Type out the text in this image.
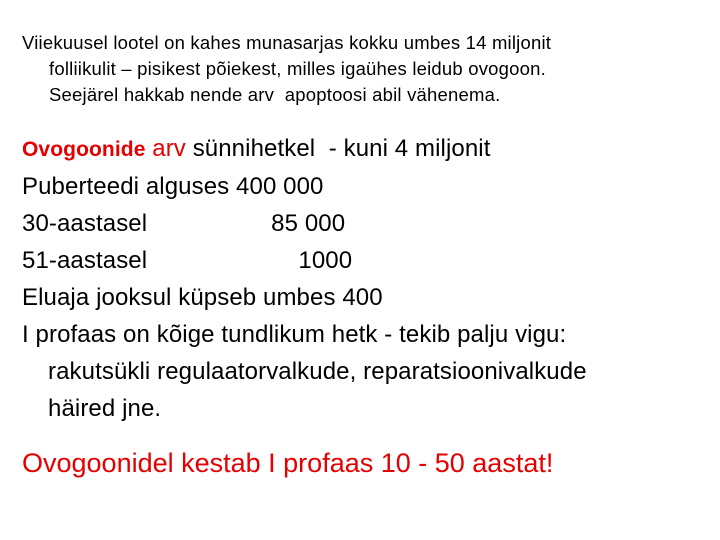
Viiekuusel lootel on kahes munasarjas kokku umbes 14 miljonit
folliikulit – pisikest põiekest, milles igaühes leidub ovogoon.
Seejärel hakkab nende arv  apoptoosi abil vähenema.
Ovogoonide arv sünnihetkel  - kuni 4 miljonit
Puberteedi alguses 400 000
30-aastasel	85 000
51-aastasel	1000
Eluaja jooksul küpseb umbes 400
I profaas on kõige tundlikum hetk - tekib palju vigu:
rakutsükli regulaatorvalkude, reparatsioonivalkude
häired jne.
Ovogoonidel kestab I profaas 10 - 50 aastat!
